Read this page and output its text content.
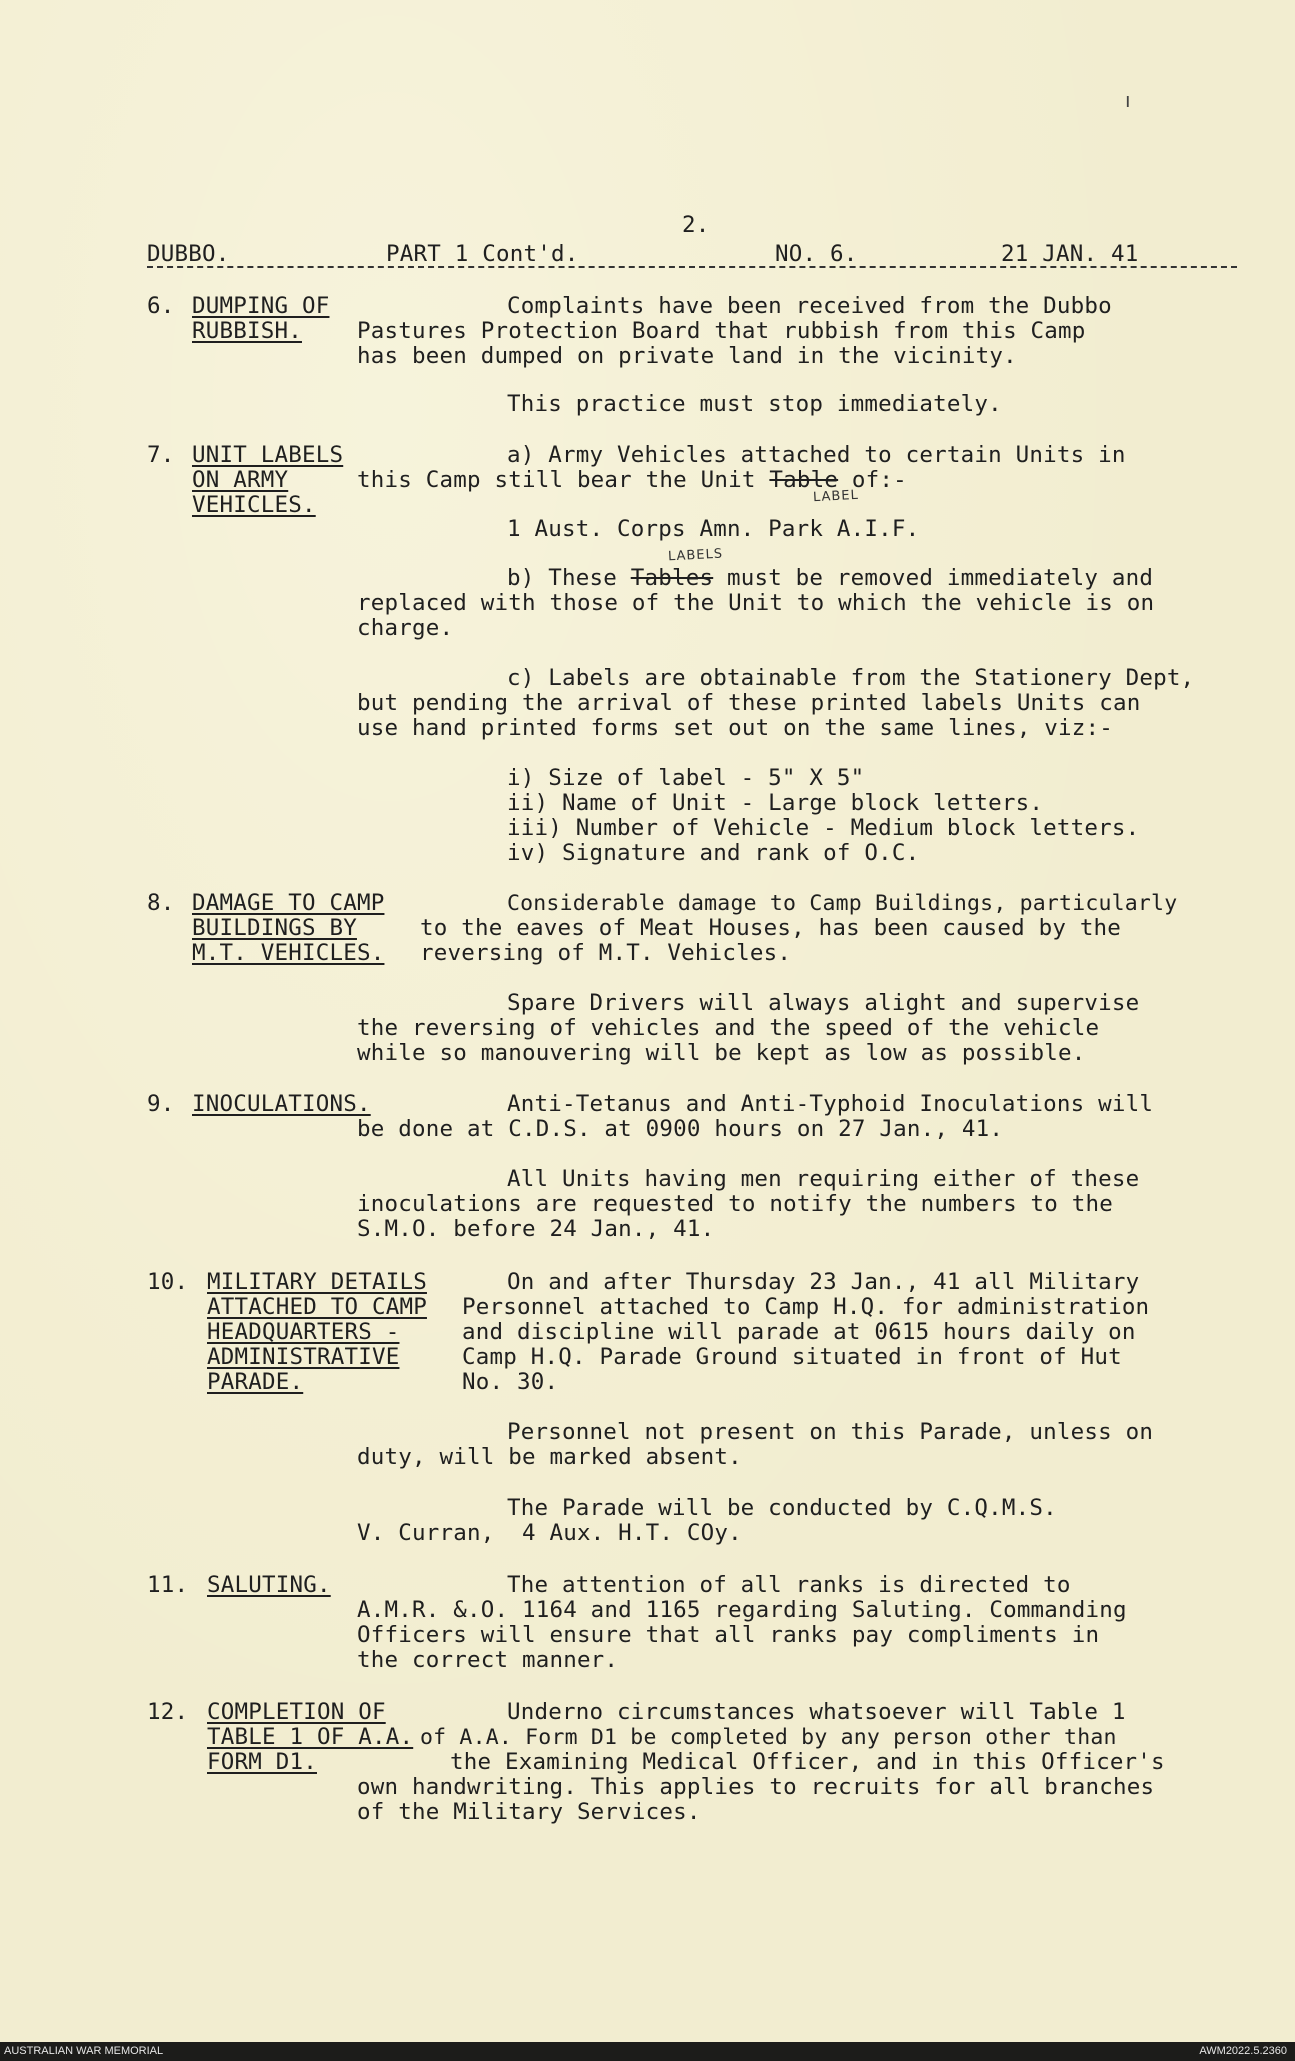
ı
2.
DUBBO.	PART 1 Cont'd.	NO. 6.	21 JAN. 41
6. DUMPING OF
RUBBISH.
Complaints have been received from the Dubbo
Pastures Protection Board that rubbish from this Camp
has been dumped on private land in the vicinity.
This practice must stop immediately.
7. UNIT LABELS
ON ARMY
VEHICLES.
a) Army Vehicles attached to certain Units in
this Camp still bear the Unit Table of:-
LABEL
1 Aust. Corps Amn. Park A.I.F.
LABELS
b) These Tables must be removed immediately and
replaced with those of the Unit to which the vehicle is on
charge.
c) Labels are obtainable from the Stationery Dept,
but pending the arrival of these printed labels Units can
use hand printed forms set out on the same lines, viz:-
i) Size of label - 5" X 5"
ii) Name of Unit - Large block letters.
iii) Number of Vehicle - Medium block letters.
iv) Signature and rank of O.C.
8. DAMAGE TO CAMP
BUILDINGS BY
M.T. VEHICLES.
Considerable damage to Camp Buildings, particularly
to the eaves of Meat Houses, has been caused by the
reversing of M.T. Vehicles.
Spare Drivers will always alight and supervise
the reversing of vehicles and the speed of the vehicle
while so manouvering will be kept as low as possible.
9. INOCULATIONS.	Anti-Tetanus and Anti-Typhoid Inoculations will
be done at C.D.S. at 0900 hours on 27 Jan., 41.
All Units having men requiring either of these
inoculations are requested to notify the numbers to the
S.M.O. before 24 Jan., 41.
10. MILITARY DETAILS
ATTACHED TO CAMP
HEADQUARTERS -
ADMINISTRATIVE
PARADE.
On and after Thursday 23 Jan., 41 all Military
Personnel attached to Camp H.Q. for administration
and discipline will parade at 0615 hours daily on
Camp H.Q. Parade Ground situated in front of Hut
No. 30.
Personnel not present on this Parade, unless on
duty, will be marked absent.
The Parade will be conducted by C.Q.M.S.
V. Curran,  4 Aux. H.T. COy.
11. SALUTING.	The attention of all ranks is directed to
A.M.R. &.O. 1164 and 1165 regarding Saluting. Commanding
Officers will ensure that all ranks pay compliments in
the correct manner.
12. COMPLETION OF
TABLE 1 OF A.A.
FORM D1.
Underno circumstances whatsoever will Table 1
of A.A. Form D1 be completed by any person other than
the Examining Medical Officer, and in this Officer's
own handwriting. This applies to recruits for all branches
of the Military Services.
AUSTRALIAN WAR MEMORIAL	AWM2022.5.2360
